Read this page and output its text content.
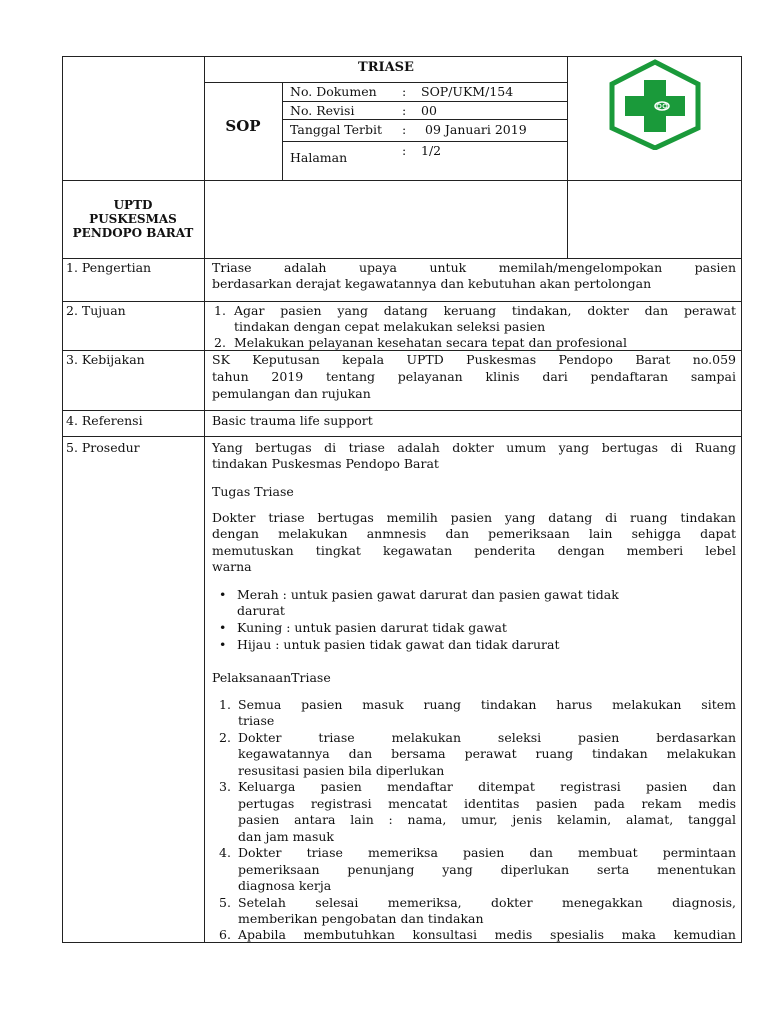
TRIASE
SOP
No. Dokumen : SOP/UKM/154
No. Revisi	: 00
Tanggal Terbit : 09 Januari 2019
Halaman	: 1/2
UPTD
PUSKESMAS
PENDOPO BARAT
1. Pengertian	Triase adalah upaya untuk memilah/mengelompokan pasien
berdasarkan derajat kegawatannya dan kebutuhan akan pertolongan
2. Tujuan	1. Agar pasien yang datang keruang tindakan, dokter dan perawat
tindakan dengan cepat melakukan seleksi pasien
2. Melakukan pelayanan kesehatan secara tepat dan profesional
3. Kebijakan	SK Keputusan kepala UPTD Puskesmas Pendopo Barat no.059
tahun 2019 tentang pelayanan klinis dari pendaftaran sampai
pemulangan dan rujukan
4. Referensi	Basic trauma life support
5. Prosedur	Yang bertugas di triase adalah dokter umum yang bertugas di Ruang
tindakan Puskesmas Pendopo Barat
Tugas Triase
Dokter triase bertugas memilih pasien yang datang di ruang tindakan
dengan melakukan anmnesis dan pemeriksaan lain sehigga dapat
memutuskan tingkat kegawatan penderita dengan memberi lebel
warna
• Merah : untuk pasien gawat darurat dan pasien gawat tidak
darurat
• Kuning : untuk pasien darurat tidak gawat
• Hijau : untuk pasien tidak gawat dan tidak darurat
PelaksanaanTriase
1. Semua pasien masuk ruang tindakan harus melakukan sitem
triase
2. Dokter triase melakukan seleksi pasien berdasarkan
kegawatannya dan bersama perawat ruang tindakan melakukan
resusitasi pasien bila diperlukan
3. Keluarga pasien mendaftar ditempat registrasi pasien dan
pertugas registrasi mencatat identitas pasien pada rekam medis
pasien antara lain : nama, umur, jenis kelamin, alamat, tanggal
dan jam masuk
4. Dokter triase memeriksa pasien dan membuat permintaan
pemeriksaan penunjang yang diperlukan serta menentukan
diagnosa kerja
5. Setelah selesai memeriksa, dokter menegakkan diagnosis,
memberikan pengobatan dan tindakan
6. Apabila membutuhkan konsultasi medis spesialis maka kemudian
